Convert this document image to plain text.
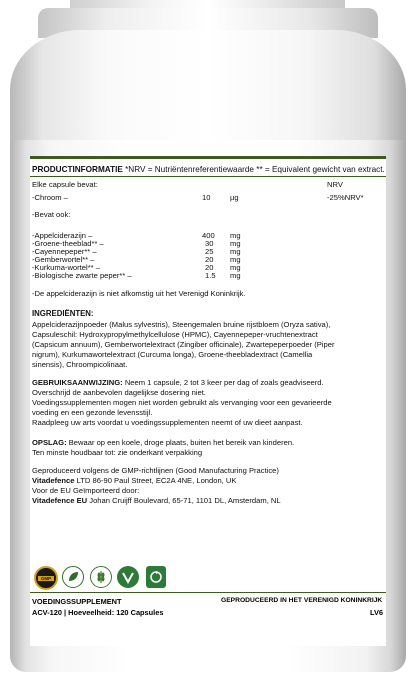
PRODUCTINFORMATIE *NRV = Nutriëntenreferentiewaarde ** = Equivalent gewicht van extract.
Elke capsule bevat:	NRV
-Chroom –	10	µg	-25%NRV*
-Bevat ook:
-Appelciderazijn –	400 mg
-Groene-theeblad** –	30 mg
-Cayennepeper** –	25 mg
-Gemberwortel** –	20 mg
-Kurkuma-wortel** –	20 mg
-Biologische zwarte peper** –	1.5 mg
-De appelciderazijn is niet afkomstig uit het Verenigd Koninkrijk.
INGREDIËNTEN:
Appelciderazijnpoeder (Malus sylvestris), Steengemalen bruine rijstbloem (Oryza sativa),
Capsuleschil: Hydroxypropylmethylcellulose (HPMC), Cayennepeper-vruchtenextract
(Capsicum annuum), Gemberwortelextract (Zingiber officinale), Zwartepeperpoeder (Piper
nigrum), Kurkumawortelextract (Curcuma longa), Groene-theebladextract (Camellia
sinensis), Chroompicolinaat.
GEBRUIKSAANWIJZING: Neem 1 capsule, 2 tot 3 keer per dag of zoals geadviseerd.
Overschrijd de aanbevolen dagelijkse dosering niet.
Voedingssupplementen mogen niet worden gebruikt als vervanging voor een gevarieerde
voeding en een gezonde levensstijl.
Raadpleeg uw arts voordat u voedingssupplementen neemt of uw dieet aanpast.
OPSLAG: Bewaar op een koele, droge plaats, buiten het bereik van kinderen.
Ten minste houdbaar tot: zie onderkant verpakking
Geproduceerd volgens de GMP-richtlijnen (Good Manufacturing Practice)
Vitadefence LTD 86-90 Paul Street, EC2A 4NE, London, UK
Voor de EU Geïmporteerd door:
Vitadefence EU Johan Cruijff Boulevard, 65-71, 1101 DL, Amsterdam, NL
GMP
VOEDINGSSUPPLEMENT
ACV-120 | Hoeveelheid: 120 Capsules
GEPRODUCEERD IN HET VERENIGD KONINKRIJK
LV6
